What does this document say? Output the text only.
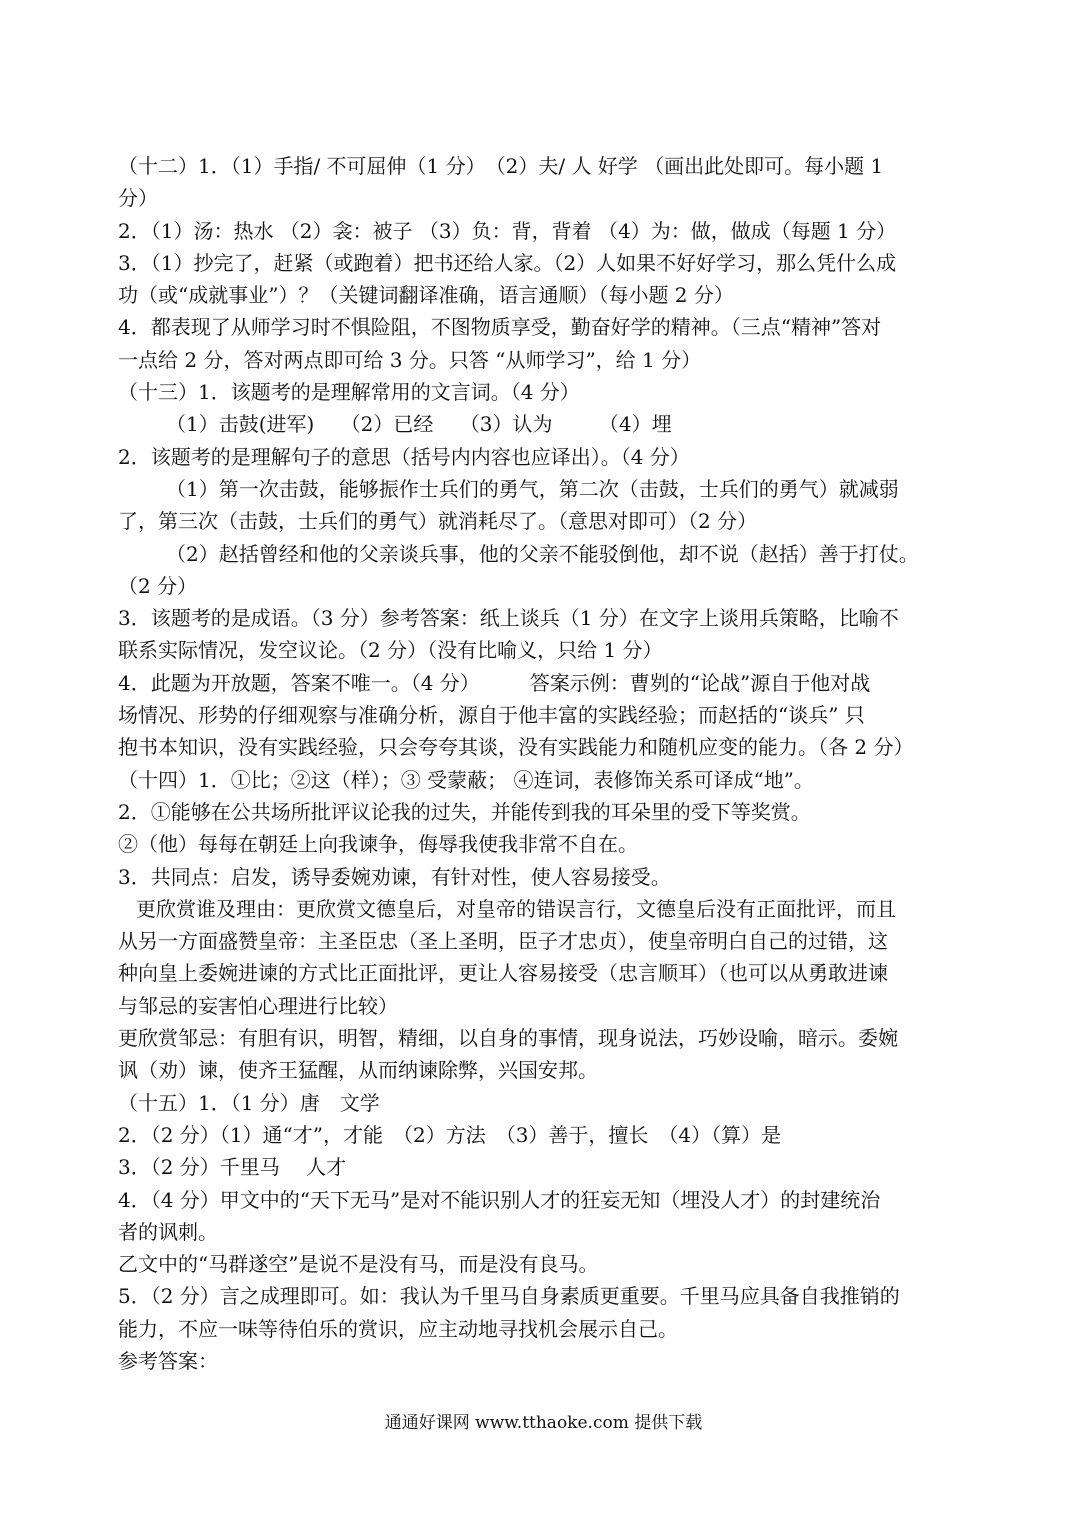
（十二）1．（1）手指/ 不可屈伸（1 分）　（2）夫/ 人 好学 （画出此处即可。每小题 1
分）
2．（1）汤：热水 （2）衾：被子 （3）负：背，背着 （4）为：做，做成（每题 1 分）
3．（1）抄完了，赶紧（或跑着）把书还给人家。（2）人如果不好好学习，那么凭什么成
功（或“成就事业”）？（关键词翻译准确，语言通顺）（每小题 2 分）
4．都表现了从师学习时不惧险阻，不图物质享受，勤奋好学的精神。（三点“精神”答对
一点给 2 分，答对两点即可给 3 分。只答 “从师学习”，给 1 分）
（十三）1．该题考的是理解常用的文言词。（4 分）
（1）击鼓(进军)　 （2）已经　 （3）认为　　 （4）埋
2．该题考的是理解句子的意思（括号内内容也应译出）。（4 分）
（1）第一次击鼓，能够振作士兵们的勇气，第二次（击鼓，士兵们的勇气）就减弱
了，第三次（击鼓，士兵们的勇气）就消耗尽了。（意思对即可）（2 分）
（2）赵括曾经和他的父亲谈兵事，他的父亲不能驳倒他，却不说（赵括）善于打仗。
（2 分）
3．该题考的是成语。（3 分）参考答案：纸上谈兵（1 分）在文字上谈用兵策略，比喻不
联系实际情况，发空议论。（2 分）（没有比喻义，只给 1 分）
4．此题为开放题，答案不唯一。（4 分）　　　答案示例：曹刿的“论战”源自于他对战
场情况、形势的仔细观察与准确分析，源自于他丰富的实践经验；而赵括的“谈兵” 只
抱书本知识，没有实践经验，只会夸夸其谈，没有实践能力和随机应变的能力。（各 2 分）
（十四）1．①比；②这（样）；③ 受蒙蔽； ④连词，表修饰关系可译成“地”。
2．①能够在公共场所批评议论我的过失，并能传到我的耳朵里的受下等奖赏。
②（他）每每在朝廷上向我谏争，侮辱我使我非常不自在。
3．共同点：启发，诱导委婉劝谏，有针对性，使人容易接受。
更欣赏谁及理由：更欣赏文德皇后，对皇帝的错误言行，文德皇后没有正面批评，而且
从另一方面盛赞皇帝：主圣臣忠（圣上圣明，臣子才忠贞），使皇帝明白自己的过错，这
种向皇上委婉进谏的方式比正面批评，更让人容易接受（忠言顺耳）（也可以从勇敢进谏
与邹忌的妄害怕心理进行比较）
更欣赏邹忌：有胆有识，明智，精细，以自身的事情，现身说法，巧妙设喻，暗示。委婉
讽（劝）谏，使齐王猛醒，从而纳谏除弊，兴国安邦。
（十五）1．（1 分）唐　文学
2．（2 分）（1）通“才”，才能　（2）方法　（3）善于，擅长　（4）（算）是
3．（2 分）千里马　 人才
4．（4 分）甲文中的“天下无马”是对不能识别人才的狂妄无知（埋没人才）的封建统治
者的讽刺。
乙文中的“马群遂空”是说不是没有马，而是没有良马。
5．（2 分）言之成理即可。如：我认为千里马自身素质更重要。千里马应具备自我推销的
能力，不应一味等待伯乐的赏识，应主动地寻找机会展示自己。
参考答案：
通通好课网 www.tthaoke.com 提供下载
